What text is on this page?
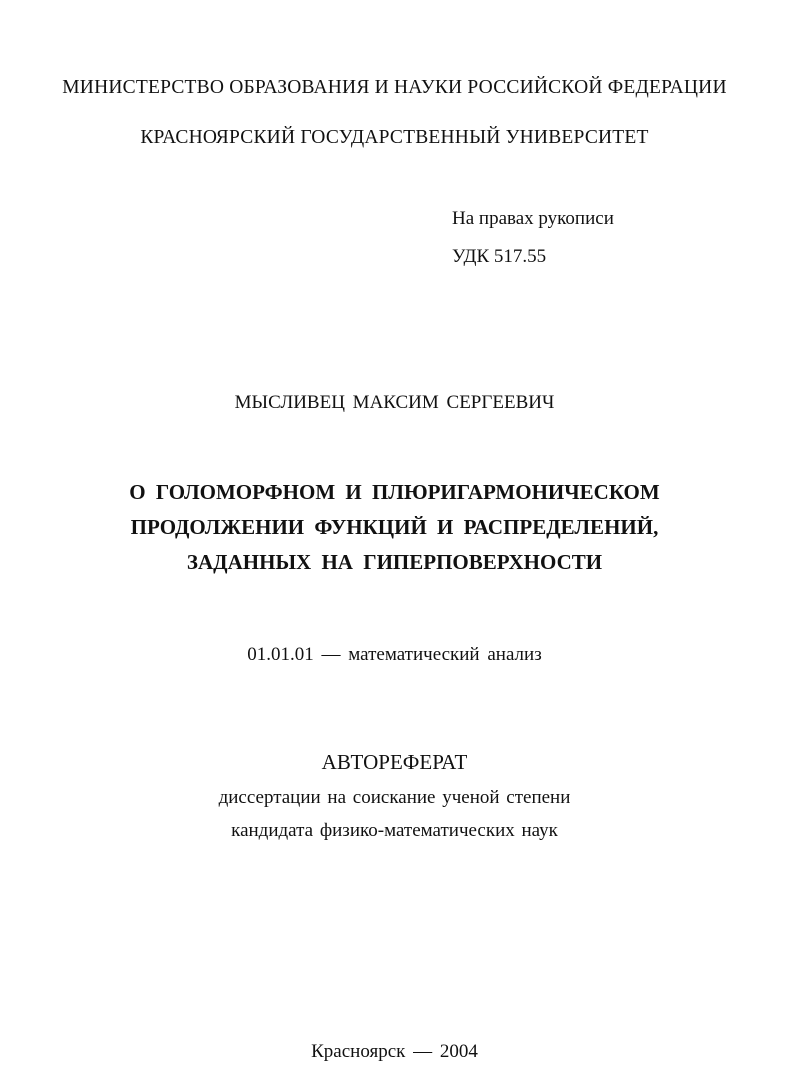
МИНИСТЕРСТВО ОБРАЗОВАНИЯ И НАУКИ РОССИЙСКОЙ ФЕДЕРАЦИИ
КРАСНОЯРСКИЙ ГОСУДАРСТВЕННЫЙ УНИВЕРСИТЕТ
На правах рукописи
УДК 517.55
МЫСЛИВЕЦ МАКСИМ СЕРГЕЕВИЧ
О ГОЛОМОРФНОМ И ПЛЮРИГАРМОНИЧЕСКОМ
ПРОДОЛЖЕНИИ ФУНКЦИЙ И РАСПРЕДЕЛЕНИЙ,
ЗАДАННЫХ НА ГИПЕРПОВЕРХНОСТИ
01.01.01 — математический анализ
АВТОРЕФЕРАТ
диссертации на соискание ученой степени
кандидата физико-математических наук
Красноярск — 2004
